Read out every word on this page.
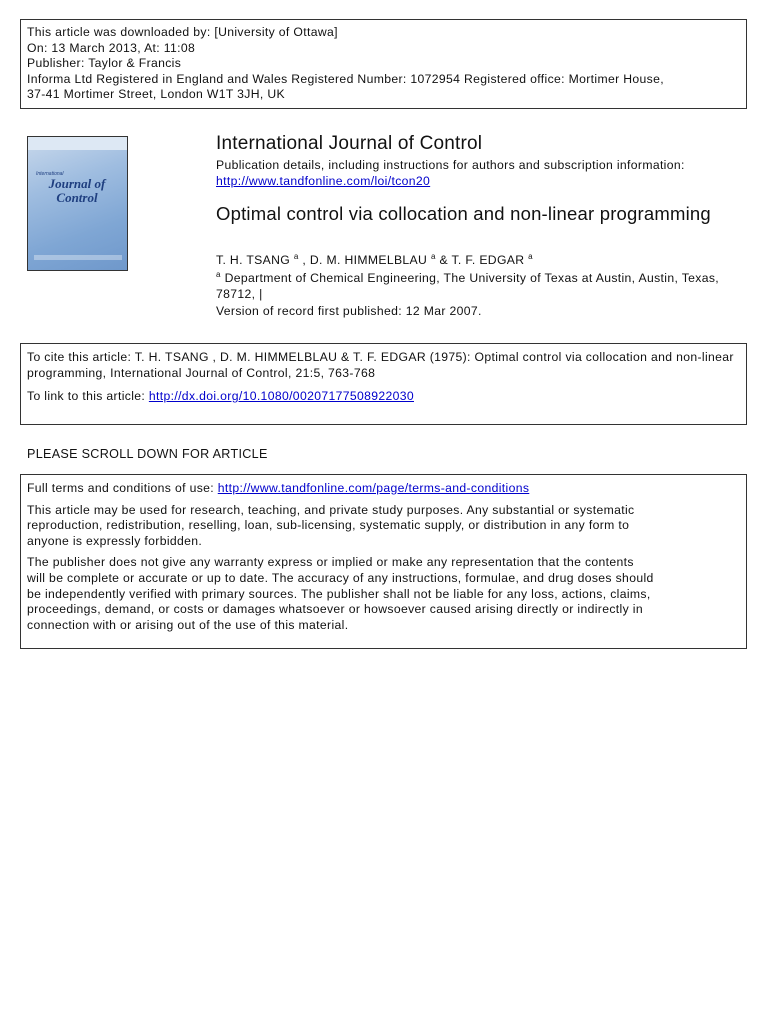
This article was downloaded by: [University of Ottawa]
On: 13 March 2013, At: 11:08
Publisher: Taylor & Francis
Informa Ltd Registered in England and Wales Registered Number: 1072954 Registered office: Mortimer House,
37-41 Mortimer Street, London W1T 3JH, UK
International
Journal of
Control
International Journal of Control
Publication details, including instructions for authors and subscription information:
http://www.tandfonline.com/loi/tcon20
Optimal control via collocation and non-linear programming
T. H. TSANG $^a$ , D. M. HIMMELBLAU $^a$ & T. F. EDGAR $^a$
$^a$ Department of Chemical Engineering, The University of Texas at Austin, Austin, Texas,
78712, |
Version of record first published: 12 Mar 2007.
To cite this article: T. H. TSANG , D. M. HIMMELBLAU & T. F. EDGAR (1975): Optimal control via collocation and non-linear
programming, International Journal of Control, 21:5, 763-768
To link to this article: http://dx.doi.org/10.1080/00207177508922030
PLEASE SCROLL DOWN FOR ARTICLE
Full terms and conditions of use: http://www.tandfonline.com/page/terms-and-conditions
This article may be used for research, teaching, and private study purposes. Any substantial or systematic
reproduction, redistribution, reselling, loan, sub-licensing, systematic supply, or distribution in any form to
anyone is expressly forbidden.
The publisher does not give any warranty express or implied or make any representation that the contents
will be complete or accurate or up to date. The accuracy of any instructions, formulae, and drug doses should
be independently verified with primary sources. The publisher shall not be liable for any loss, actions, claims,
proceedings, demand, or costs or damages whatsoever or howsoever caused arising directly or indirectly in
connection with or arising out of the use of this material.
